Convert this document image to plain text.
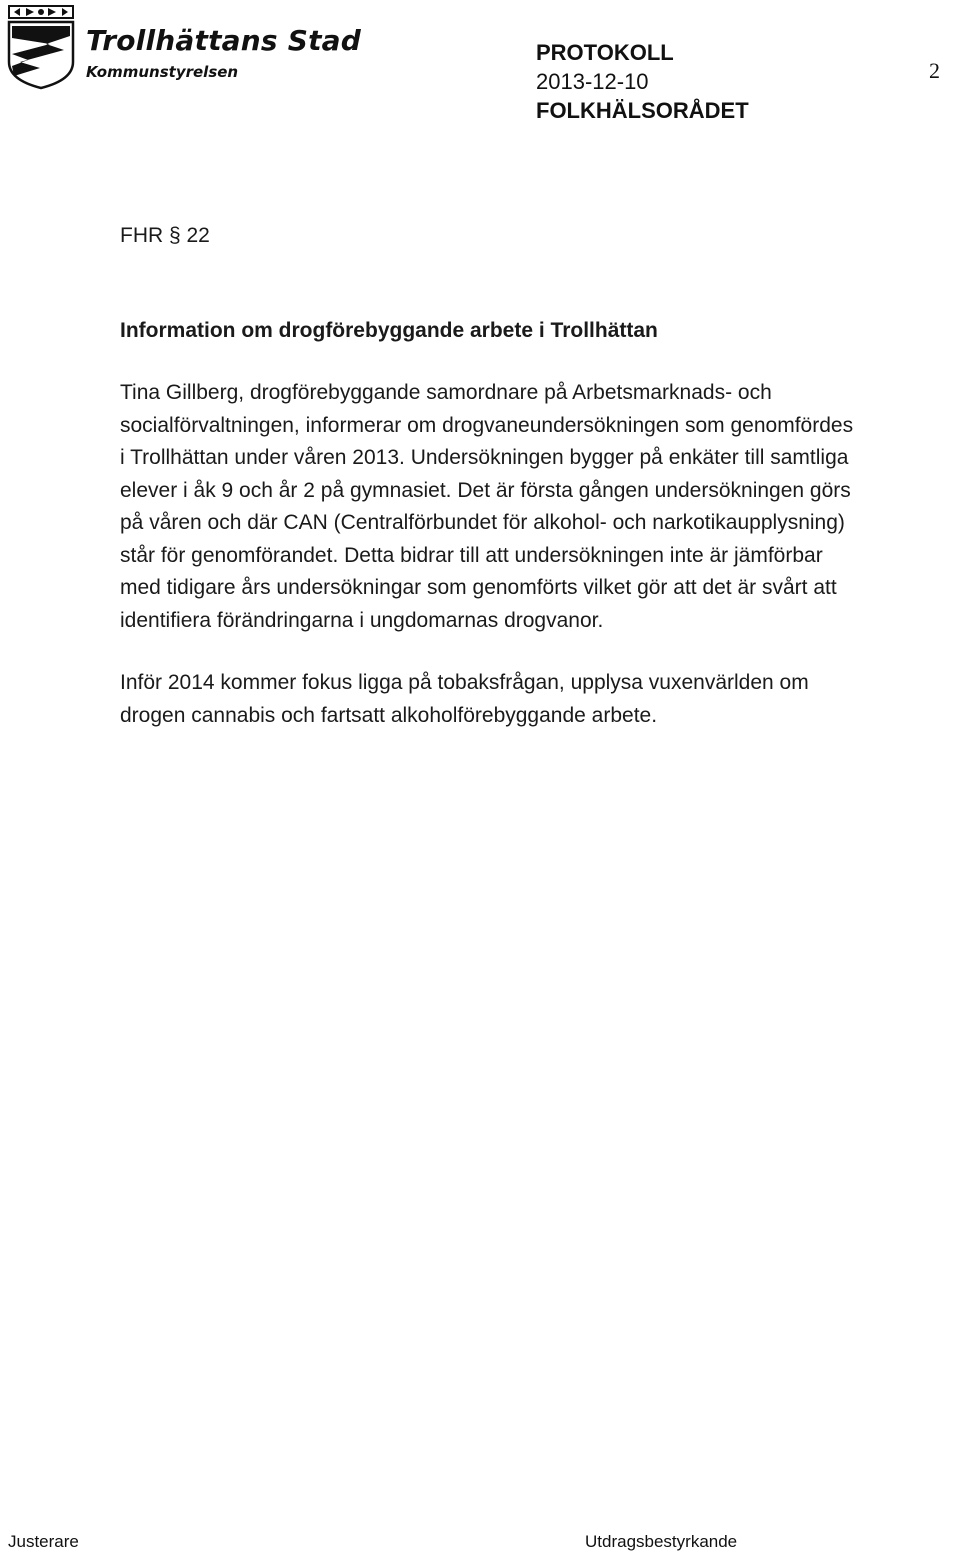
Trollhättans Stad
Kommunstyrelsen
PROTOKOLL
2013-12-10
FOLKHÄLSORÅDET
2

FHR § 22

Information om drogförebyggande arbete i Trollhättan

Tina Gillberg, drogförebyggande samordnare på Arbetsmarknads- och socialförvaltningen, informerar om drogvaneundersökningen som genomfördes i Trollhättan under våren 2013. Undersökningen bygger på enkäter till samtliga elever i åk 9 och år 2 på gymnasiet. Det är första gången undersökningen görs på våren och där CAN (Centralförbundet för alkohol- och narkotikaupplysning) står för genomförandet. Detta bidrar till att undersökningen inte är jämförbar med tidigare års undersökningar som genomförts vilket gör att det är svårt att identifiera förändringarna i ungdomarnas drogvanor.

Inför 2014 kommer fokus ligga på tobaksfrågan, upplysa vuxenvärlden om drogen cannabis och fartsatt alkoholförebyggande arbete.

Justerare	Utdragsbestyrkande
